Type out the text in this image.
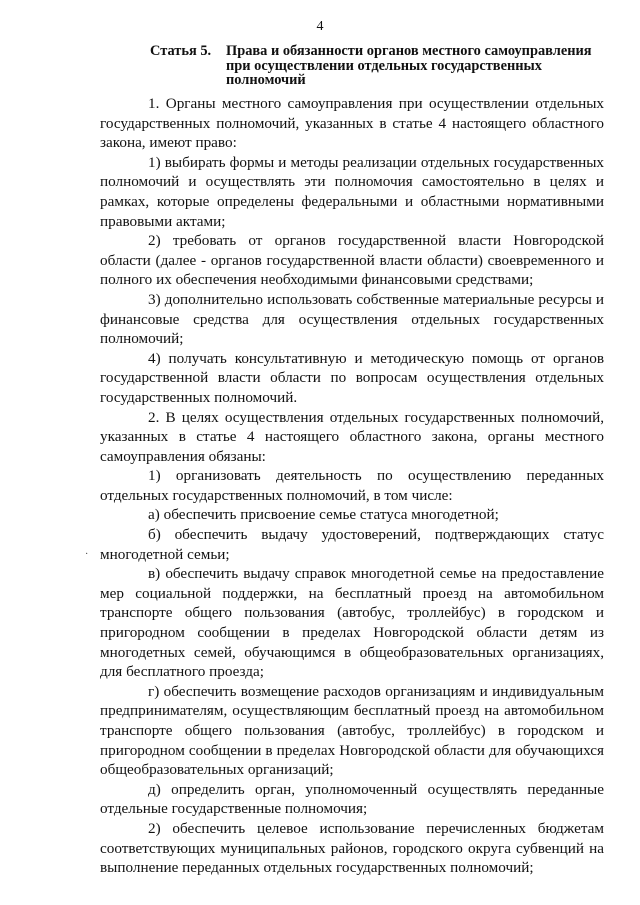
4
Статья 5. Права и обязанности органов местного самоуправления при осуществлении отдельных государственных полномочий
·

1. Органы местного самоуправления при осуществлении отдельных государственных полномочий, указанных в статье 4 настоящего областного закона, имеют право:

1) выбирать формы и методы реализации отдельных государственных полномочий и осуществлять эти полномочия самостоятельно в целях и рамках, которые определены федеральными и областными нормативными правовыми актами;

2) требовать от органов государственной власти Новгородской области (далее - органов государственной власти области) своевременного и полного их обеспечения необходимыми финансовыми средствами;

3) дополнительно использовать собственные материальные ресурсы и финансовые средства для осуществления отдельных государственных полномочий;

4) получать консультативную и методическую помощь от органов государственной власти области по вопросам осуществления отдельных государственных полномочий.

2. В целях осуществления отдельных государственных полномочий, указанных в статье 4 настоящего областного закона, органы местного самоуправления обязаны:

1) организовать деятельность по осуществлению переданных отдельных государственных полномочий, в том числе:

а) обеспечить присвоение семье статуса многодетной;

б) обеспечить выдачу удостоверений, подтверждающих статус многодетной семьи;

в) обеспечить выдачу справок многодетной семье на предоставление мер социальной поддержки, на бесплатный проезд на автомобильном транспорте общего пользования (автобус, троллейбус) в городском и пригородном сообщении в пределах Новгородской области детям из многодетных семей, обучающимся в общеобразовательных организациях, для бесплатного проезда;

г) обеспечить возмещение расходов организациям и индивидуальным предпринимателям, осуществляющим бесплатный проезд на автомобильном транспорте общего пользования (автобус, троллейбус) в городском и пригородном сообщении в пределах Новгородской области для обучающихся общеобразовательных организаций;

д) определить орган, уполномоченный осуществлять переданные отдельные государственные полномочия;

2) обеспечить целевое использование перечисленных бюджетам соответствующих муниципальных районов, городского округа субвенций на выполнение переданных отдельных государственных полномочий;
